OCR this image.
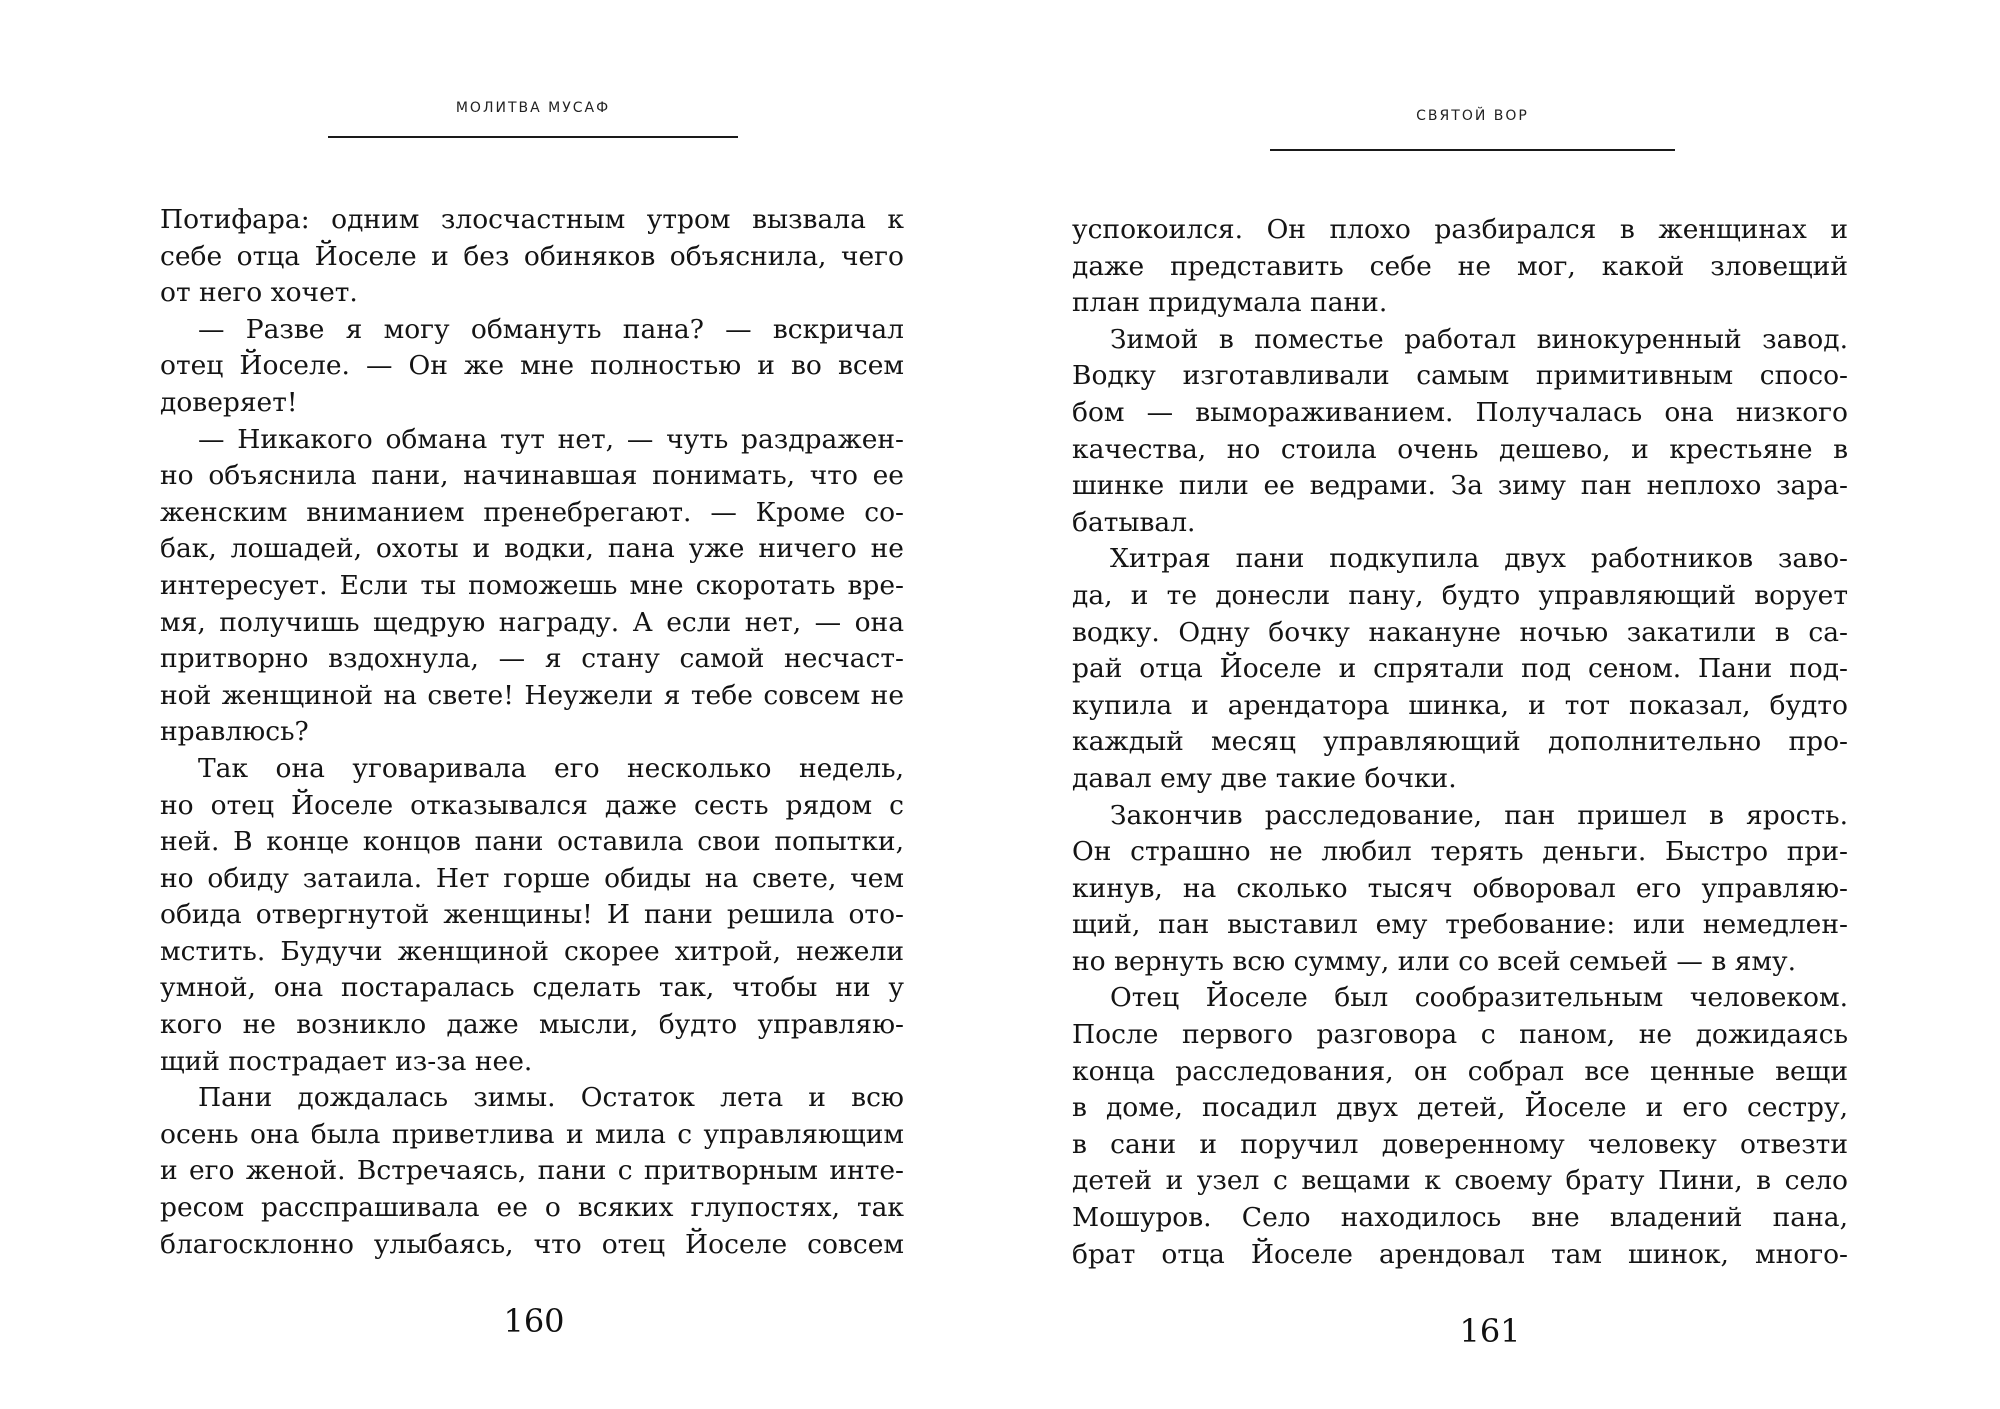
МОЛИТВА МУСАФ
Потифара: одним злосчастным утром вызвала к
себе отца Йоселе и без обиняков объяснила, чего
от него хочет.
— Разве я могу обмануть пана? — вскричал
отец Йоселе. — Он же мне полностью и во всем
доверяет!
— Никакого обмана тут нет, — чуть раздражен-
но объяснила пани, начинавшая понимать, что ее
женским вниманием пренебрегают. — Кроме со-
бак, лошадей, охоты и водки, пана уже ничего не
интересует. Если ты поможешь мне скоротать вре-
мя, получишь щедрую награду. А если нет, — она
притворно вздохнула, — я стану самой несчаст-
ной женщиной на свете! Неужели я тебе совсем не
нравлюсь?
Так она уговаривала его несколько недель,
но отец Йоселе отказывался даже сесть рядом с
ней. В конце концов пани оставила свои попытки,
но обиду затаила. Нет горше обиды на свете, чем
обида отвергнутой женщины! И пани решила ото-
мстить. Будучи женщиной скорее хитрой, нежели
умной, она постаралась сделать так, чтобы ни у
кого не возникло даже мысли, будто управляю-
щий пострадает из-за нее.
Пани дождалась зимы. Остаток лета и всю
осень она была приветлива и мила с управляющим
и его женой. Встречаясь, пани с притворным инте-
ресом расспрашивала ее о всяких глупостях, так
благосклонно улыбаясь, что отец Йоселе совсем
160
СВЯТОЙ ВОР
успокоился. Он плохо разбирался в женщинах и
даже представить себе не мог, какой зловещий
план придумала пани.
Зимой в поместье работал винокуренный завод.
Водку изготавливали самым примитивным спосо-
бом — вымораживанием. Получалась она низкого
качества, но стоила очень дешево, и крестьяне в
шинке пили ее ведрами. За зиму пан неплохо зара-
батывал.
Хитрая пани подкупила двух работников заво-
да, и те донесли пану, будто управляющий ворует
водку. Одну бочку накануне ночью закатили в са-
рай отца Йоселе и спрятали под сеном. Пани под-
купила и арендатора шинка, и тот показал, будто
каждый месяц управляющий дополнительно про-
давал ему две такие бочки.
Закончив расследование, пан пришел в ярость.
Он страшно не любил терять деньги. Быстро при-
кинув, на сколько тысяч обворовал его управляю-
щий, пан выставил ему требование: или немедлен-
но вернуть всю сумму, или со всей семьей — в яму.
Отец Йоселе был сообразительным человеком.
После первого разговора с паном, не дожидаясь
конца расследования, он собрал все ценные вещи
в доме, посадил двух детей, Йоселе и его сестру,
в сани и поручил доверенному человеку отвезти
детей и узел с вещами к своему брату Пини, в село
Мошуров. Село находилось вне владений пана,
брат отца Йоселе арендовал там шинок, много-
161
